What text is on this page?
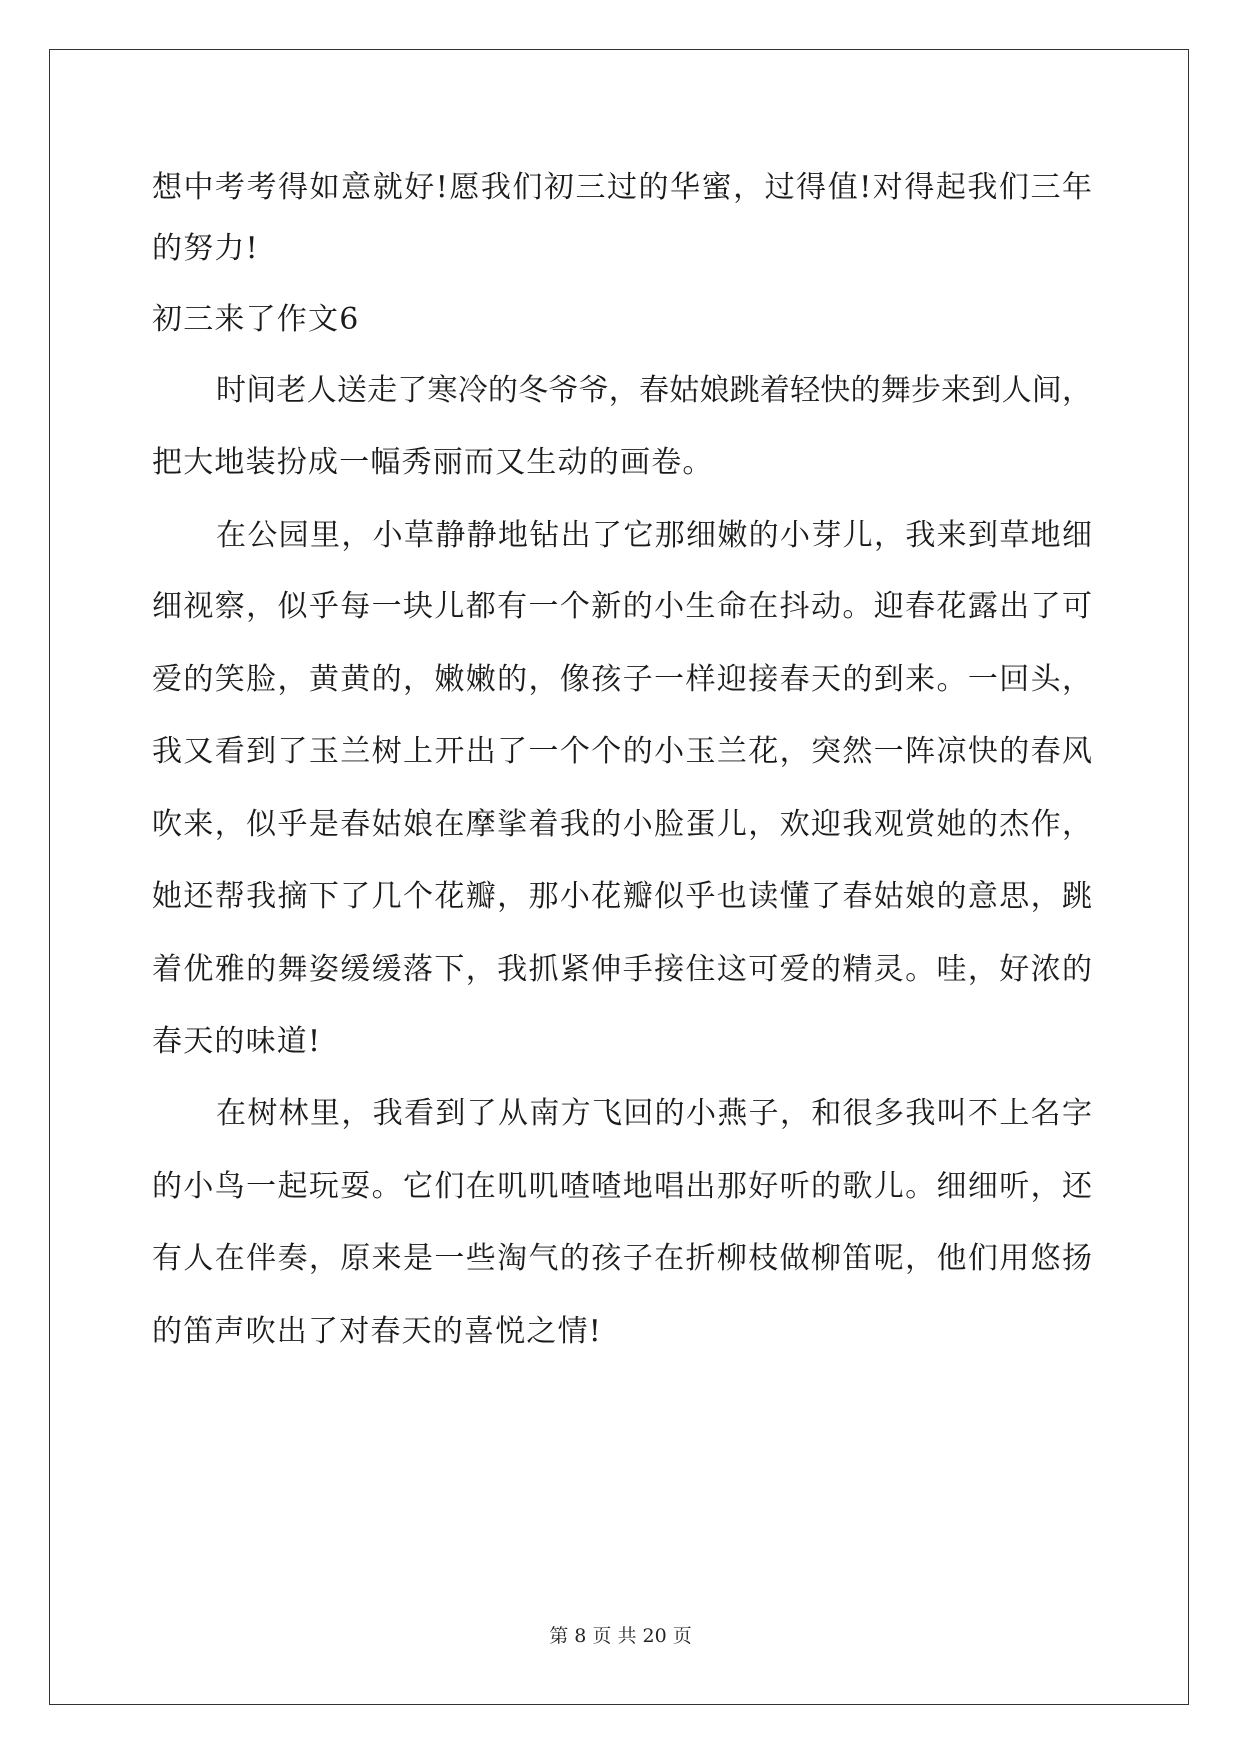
想中考考得如意就好!愿我们初三过的华蜜，过得值!对得起我们三年
的努力!
初三来了作文6
时间老人送走了寒冷的冬爷爷，春姑娘跳着轻快的舞步来到人间，
把大地装扮成一幅秀丽而又生动的画卷。
在公园里，小草静静地钻出了它那细嫩的小芽儿，我来到草地细
细视察，似乎每一块儿都有一个新的小生命在抖动。迎春花露出了可
爱的笑脸，黄黄的，嫩嫩的，像孩子一样迎接春天的到来。一回头，
我又看到了玉兰树上开出了一个个的小玉兰花，突然一阵凉快的春风
吹来，似乎是春姑娘在摩挲着我的小脸蛋儿，欢迎我观赏她的杰作，
她还帮我摘下了几个花瓣，那小花瓣似乎也读懂了春姑娘的意思，跳
着优雅的舞姿缓缓落下，我抓紧伸手接住这可爱的精灵。哇，好浓的
春天的味道!
在树林里，我看到了从南方飞回的小燕子，和很多我叫不上名字
的小鸟一起玩耍。它们在叽叽喳喳地唱出那好听的歌儿。细细听，还
有人在伴奏，原来是一些淘气的孩子在折柳枝做柳笛呢，他们用悠扬
的笛声吹出了对春天的喜悦之情!
第 8 页 共 20 页
